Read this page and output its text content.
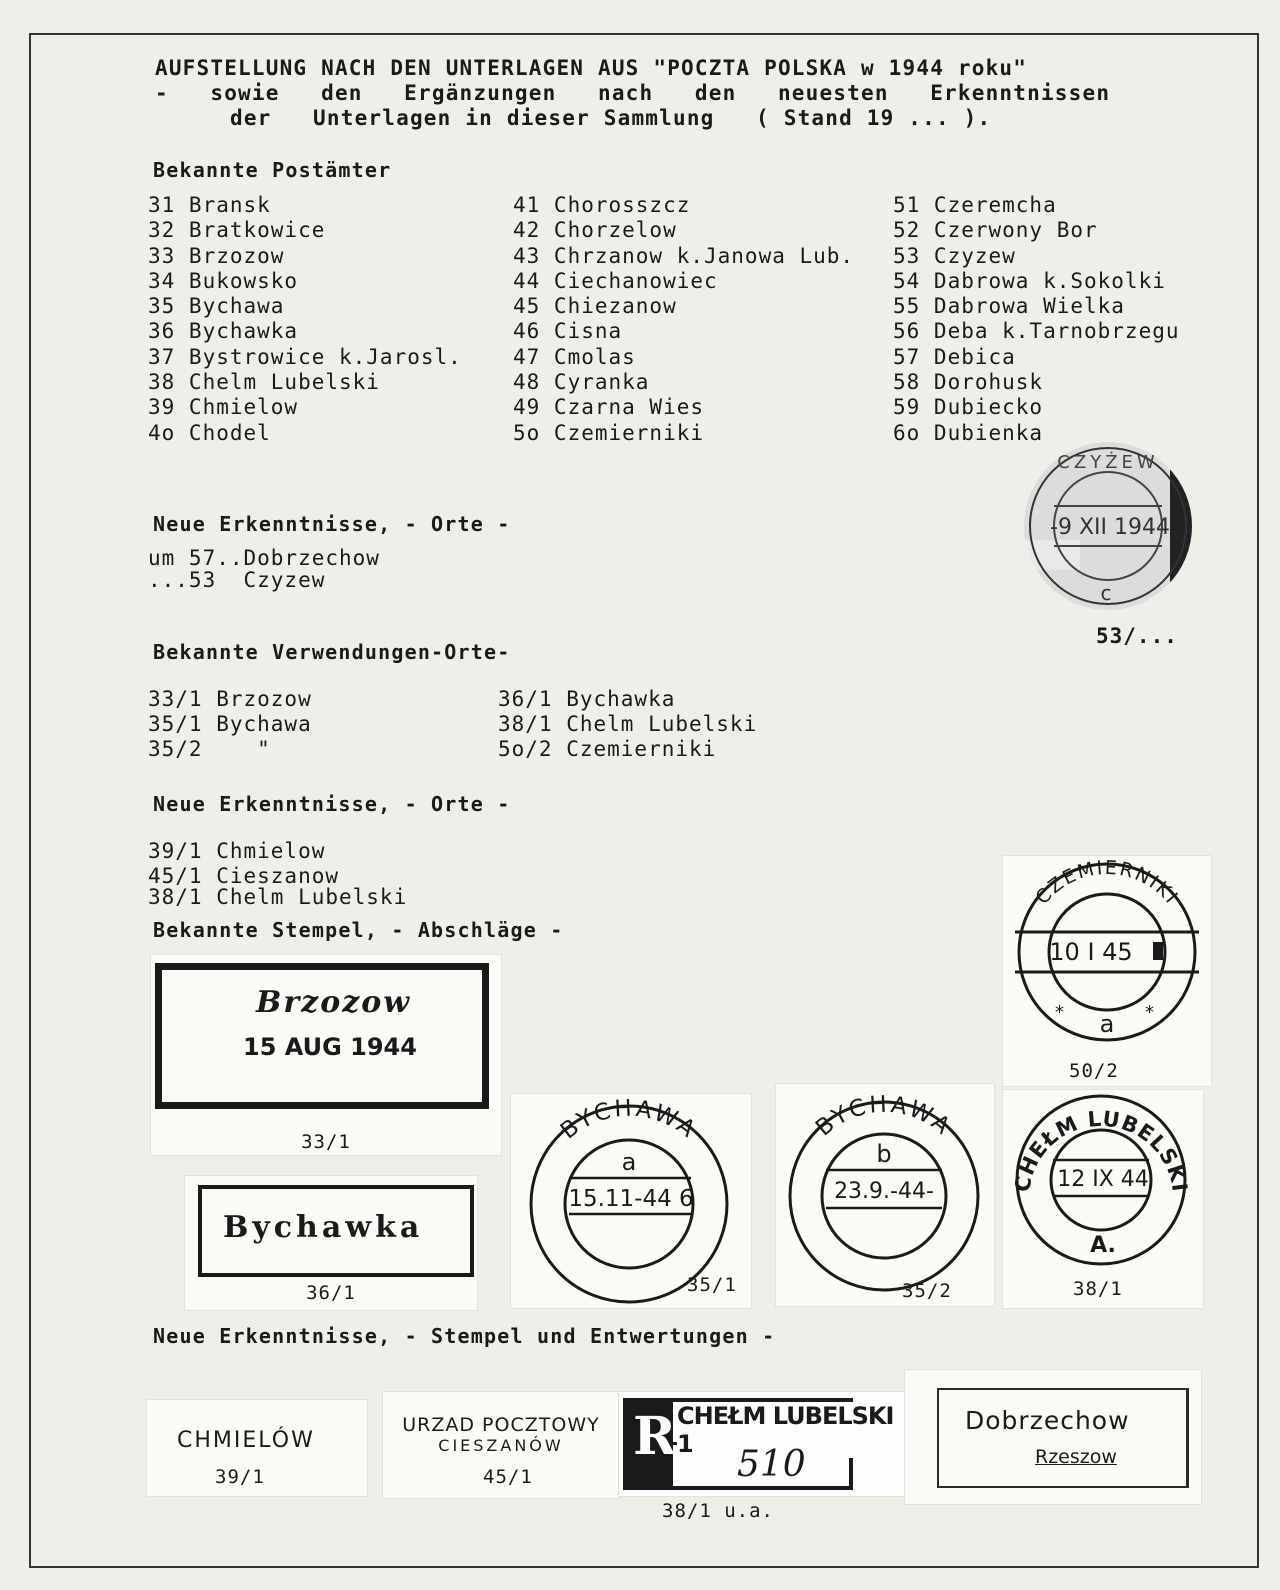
AUFSTELLUNG NACH DEN UNTERLAGEN AUS "POCZTA POLSKA w 1944 roku"
-   sowie   den   Ergänzungen   nach   den   neuesten   Erkenntnissen
der   Unterlagen in dieser Sammlung   ( Stand 19 ... ).
Bekannte Postämter
31 Bransk
32 Bratkowice
33 Brzozow
34 Bukowsko
35 Bychawa
36 Bychawka
37 Bystrowice k.Jarosl.
38 Chelm Lubelski
39 Chmielow
4o Chodel
41 Chorosszcz
42 Chorzelow
43 Chrzanow k.Janowa Lub.
44 Ciechanowiec
45 Chiezanow
46 Cisna
47 Cmolas
48 Cyranka
49 Czarna Wies
5o Czemierniki
51 Czeremcha
52 Czerwony Bor
53 Czyzew
54 Dabrowa k.Sokolki
55 Dabrowa Wielka
56 Deba k.Tarnobrzegu
57 Debica
58 Dorohusk
59 Dubiecko
6o Dubienka
Neue Erkenntnisse, - Orte -
um 57..Dobrzechow
...53  Czyzew
CZYŻEW
-9 XII 1944
c
53/...
Bekannte Verwendungen-Orte-
33/1 Brzozow
35/1 Bychawa
35/2    "
36/1 Bychawka
38/1 Chelm Lubelski
5o/2 Czemierniki
Neue Erkenntnisse, - Orte -
39/1 Chmielow
45/1 Cieszanow
38/1 Chelm Lubelski
Bekannte Stempel, - Abschläge -
Brzozow
15 AUG 1944
33/1
Bychawka
36/1
BYCHAWA
a
15.11-44 6
35/1
BYCHAWA
b
23.9.-44-
35/2
CHEŁM LUBELSKI
12 IX 44
A.
38/1
CZEMIERNIKI
10 I 45
a
*	*
50/2
Neue Erkenntnisse, - Stempel und Entwertungen -
CHMIELÓW
39/1
URZAD POCZTOWY
CIESZANÓW
45/1
R CHEŁM LUBELSKI 1	510
38/1 u.a.
Dobrzechow
Rzeszow
